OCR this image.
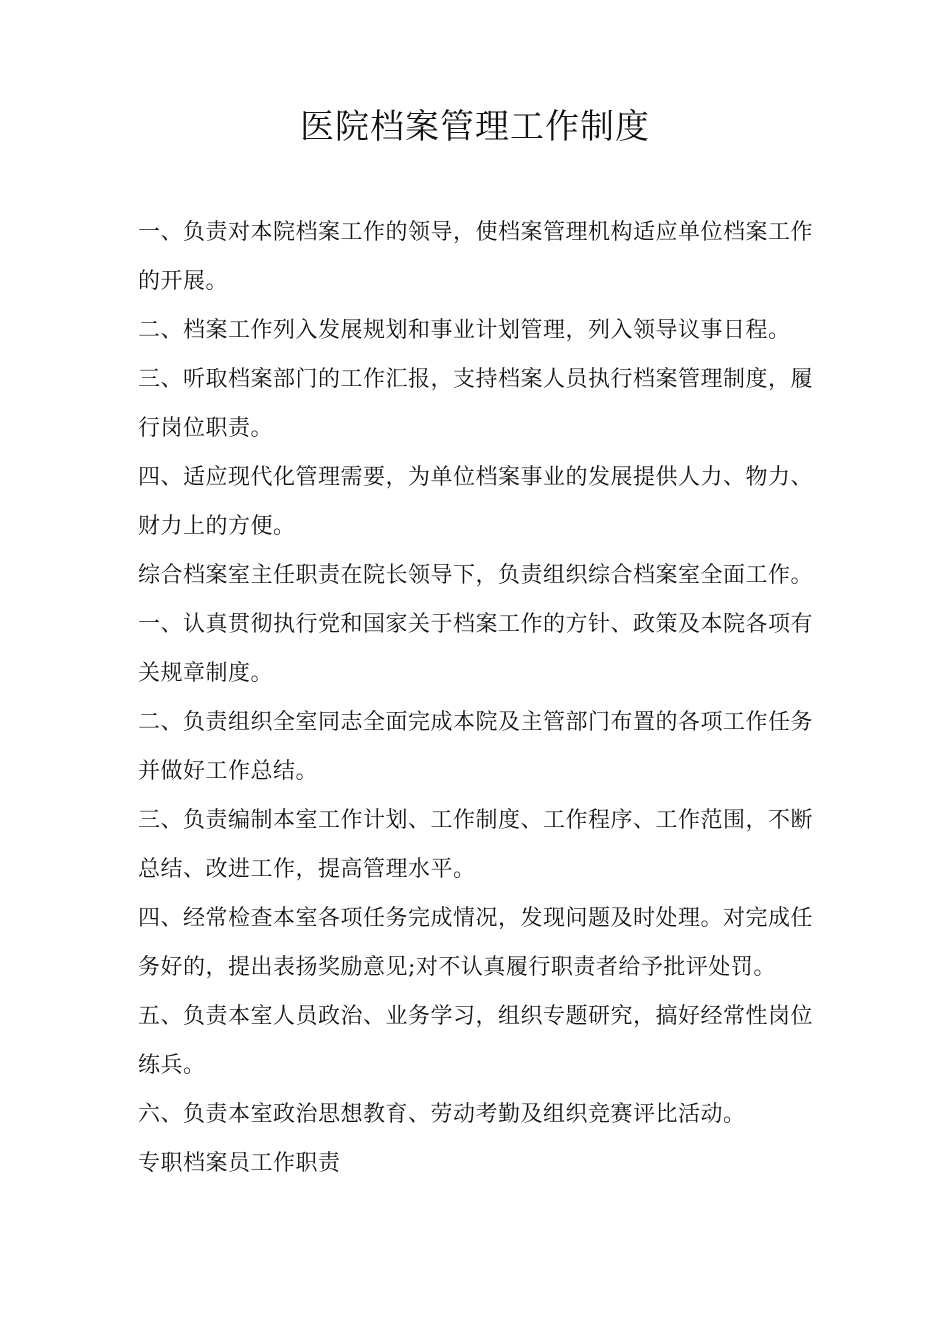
医院档案管理工作制度

一、负责对本院档案工作的领导，使档案管理机构适应单位档案工作的开展。

二、档案工作列入发展规划和事业计划管理，列入领导议事日程。

三、听取档案部门的工作汇报，支持档案人员执行档案管理制度，履行岗位职责。

四、适应现代化管理需要，为单位档案事业的发展提供人力、物力、财力上的方便。

综合档案室主任职责在院长领导下，负责组织综合档案室全面工作。

一、认真贯彻执行党和国家关于档案工作的方针、政策及本院各项有关规章制度。

二、负责组织全室同志全面完成本院及主管部门布置的各项工作任务并做好工作总结。

三、负责编制本室工作计划、工作制度、工作程序、工作范围，不断总结、改进工作，提高管理水平。

四、经常检查本室各项任务完成情况，发现问题及时处理。对完成任务好的，提出表扬奖励意见;对不认真履行职责者给予批评处罚。

五、负责本室人员政治、业务学习，组织专题研究，搞好经常性岗位练兵。

六、负责本室政治思想教育、劳动考勤及组织竞赛评比活动。

专职档案员工作职责
